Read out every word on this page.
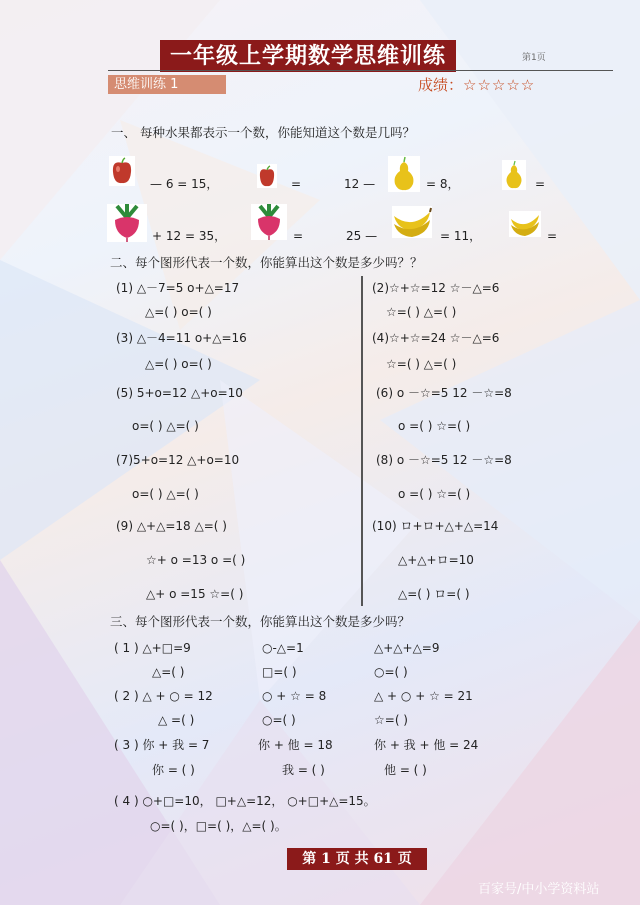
一年级上学期数学思维训练	第1页
思维训练 1	成绩：☆☆☆☆☆
一、 每种水果都表示一个数，你能知道这个数是几吗？
— 6 = 15，	=	12 —	= 8，	=
+ 12 = 35，	=	25 —	= 11，	=
二、每个图形代表一个数，你能算出这个数是多少吗？？
(1) △－7=5 o+△=17
△=( ) o=( )
(3) △－4=11 o+△=16
△=( ) o=( )
(5) 5+o=12 △+o=10
o=( ) △=( )
(7)5+o=12 △+o=10
o=( ) △=( )
(9) △+△=18 △=( )
☆+ o =13 o =( )
△+ o =15 ☆=( )
(2)☆+☆=12 ☆－△=6
☆=( ) △=( )
(4)☆+☆=24 ☆－△=6
☆=( ) △=( )
(6) o －☆=5 12 －☆=8
o =( ) ☆=( )
(8) o －☆=5 12 －☆=8
o =( ) ☆=( )
(10) ロ+ロ+△+△=14
△+△+ロ=10
△=( ) ロ=( )
三、每个图形代表一个数，你能算出这个数是多少吗？
( 1 ) △+□=9	○-△=1	△+△+△=9
△=( )	□=( )	○=( )
( 2 ) △ + ○ = 12	○ + ☆ = 8	△ + ○ + ☆ = 21
△ =( )	○=( )	☆=( )
( 3 ) 你 + 我 = 7	你 + 他 = 18	你 + 我 + 他 = 24
你 = ( )	我 = ( )	他 = ( )
( 4 ) ○+□=10， □+△=12， ○+□+△=15。
○=( )，□=( )，△=( )。
第 1 页 共 61 页
百家号/中小学资料站
